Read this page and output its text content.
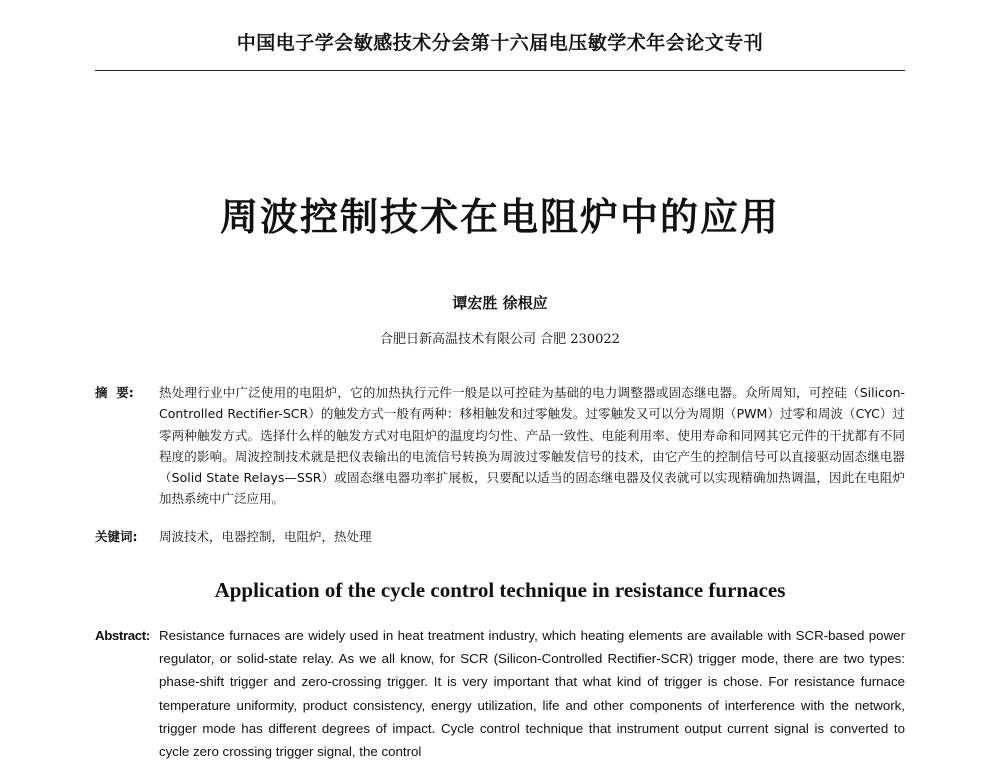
中国电子学会敏感技术分会第十六届电压敏学术年会论文专刊
周波控制技术在电阻炉中的应用
谭宏胜 徐根应
合肥日新高温技术有限公司 合肥 230022
摘  要: 热处理行业中广泛使用的电阻炉，它的加热执行元件一般是以可控硅为基础的电力调整器或固态继电器。众所周知，可控硅（Silicon-Controlled Rectifier-SCR）的触发方式一般有两种：移相触发和过零触发。过零触发又可以分为周期（PWM）过零和周波（CYC）过零两种触发方式。选择什么样的触发方式对电阻炉的温度均匀性、产品一致性、电能利用率、使用寿命和同网其它元件的干扰都有不同程度的影响。周波控制技术就是把仪表输出的电流信号转换为周波过零触发信号的技术，由它产生的控制信号可以直接驱动固态继电器（Solid State Relays—SSR）或固态继电器功率扩展板，只要配以适当的固态继电器及仪表就可以实现精确加热调温，因此在电阻炉加热系统中广泛应用。
关键词: 周波技术，电器控制，电阻炉，热处理
Application of the cycle control technique in resistance furnaces
Abstract: Resistance furnaces are widely used in heat treatment industry, which heating elements are available with SCR-based power regulator, or solid-state relay. As we all know, for SCR (Silicon-Controlled Rectifier-SCR) trigger mode, there are two types: phase-shift trigger and zero-crossing trigger. It is very important that what kind of trigger is chose. For resistance furnace temperature uniformity, product consistency, energy utilization, life and other components of interference with the network, trigger mode has different degrees of impact. Cycle control technique that instrument output current signal is converted to cycle zero crossing trigger signal, the control
